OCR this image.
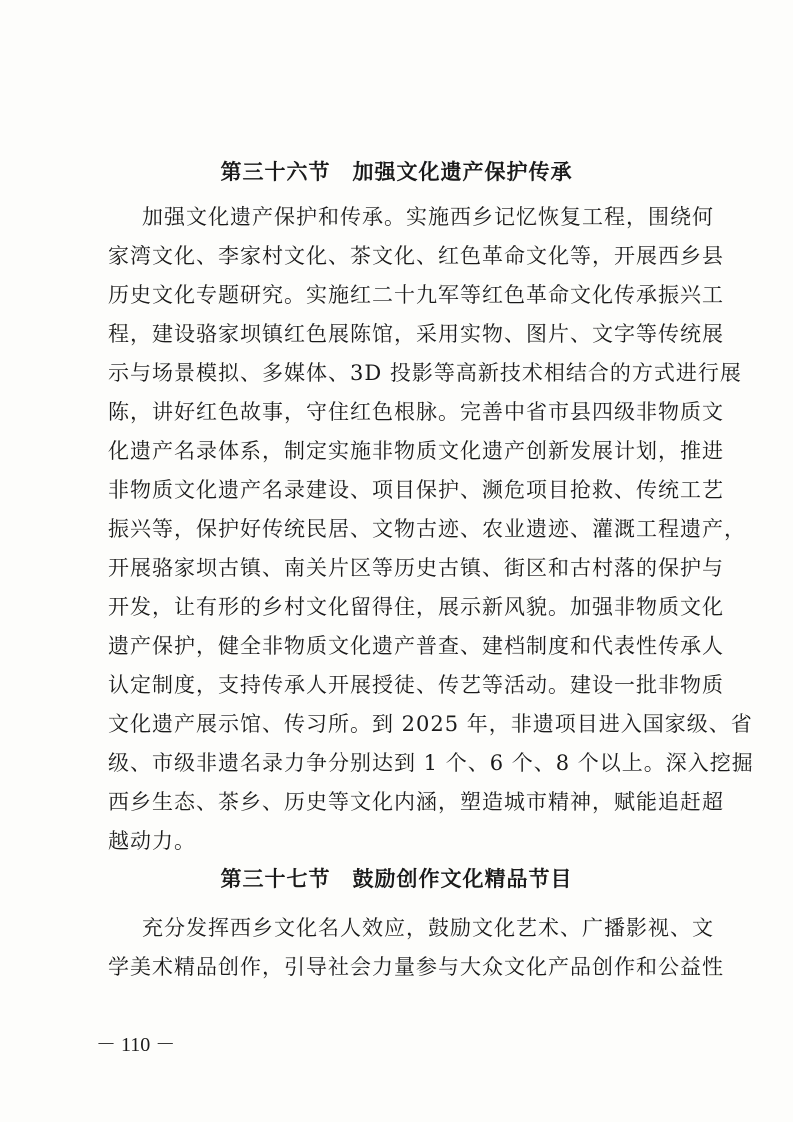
第三十六节 加强文化遗产保护传承
加强文化遗产保护和传承。实施西乡记忆恢复工程，围绕何
家湾文化、李家村文化、茶文化、红色革命文化等，开展西乡县
历史文化专题研究。实施红二十九军等红色革命文化传承振兴工
程，建设骆家坝镇红色展陈馆，采用实物、图片、文字等传统展
示与场景模拟、多媒体、3D 投影等高新技术相结合的方式进行展
陈，讲好红色故事，守住红色根脉。完善中省市县四级非物质文
化遗产名录体系，制定实施非物质文化遗产创新发展计划，推进
非物质文化遗产名录建设、项目保护、濒危项目抢救、传统工艺
振兴等，保护好传统民居、文物古迹、农业遗迹、灌溉工程遗产，
开展骆家坝古镇、南关片区等历史古镇、街区和古村落的保护与
开发，让有形的乡村文化留得住，展示新风貌。加强非物质文化
遗产保护，健全非物质文化遗产普查、建档制度和代表性传承人
认定制度，支持传承人开展授徒、传艺等活动。建设一批非物质
文化遗产展示馆、传习所。到 2025 年，非遗项目进入国家级、省
级、市级非遗名录力争分别达到 1 个、6 个、8 个以上。深入挖掘
西乡生态、茶乡、历史等文化内涵，塑造城市精神，赋能追赶超
越动力。
第三十七节 鼓励创作文化精品节目
充分发挥西乡文化名人效应，鼓励文化艺术、广播影视、文
学美术精品创作，引导社会力量参与大众文化产品创作和公益性
－ 110 －
